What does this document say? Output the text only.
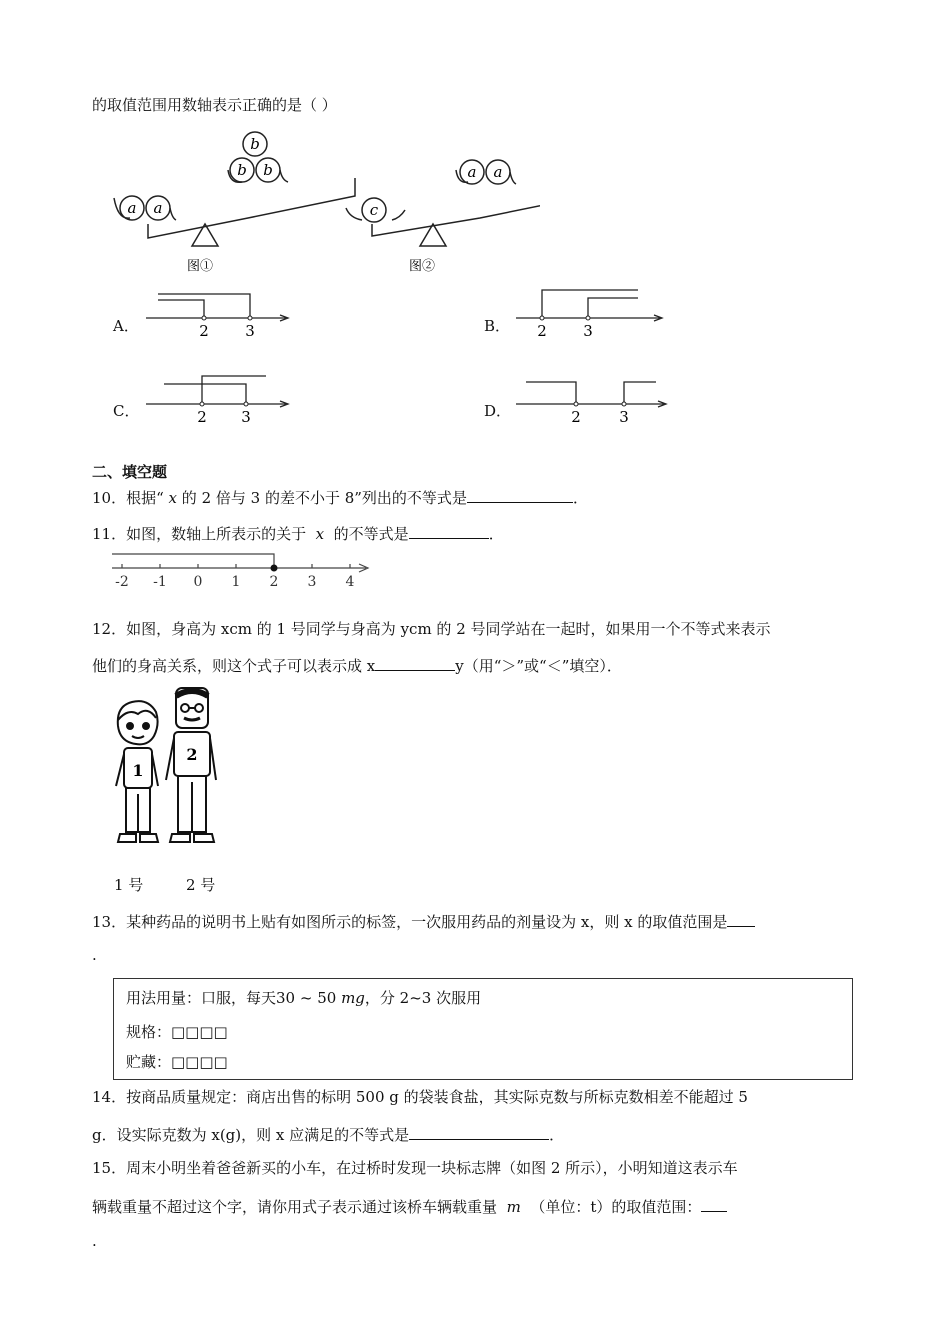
的取值范围用数轴表示正确的是（ ）
a a
b
b b
图①
c
a a
图②
A．	2 3	B． 2 3
C．	2 3	D．	2	3
二、填空题
10．根据“ x 的 2 倍与 3 的差不小于 8”列出的不等式是	．
11．如图，数轴上所表示的关于 x 的不等式是	．
-2 -1 0 1 2 3 4
12．如图，身高为 xcm 的 1 号同学与身高为 ycm 的 2 号同学站在一起时，如果用一个不等式来表示
他们的身高关系，则这个式子可以表示成 x	y（用“＞”或“＜”填空）．
1
2
1 号	2 号
13．某种药品的说明书上贴有如图所示的标签，一次服用药品的剂量设为 x，则 x 的取值范围是
.
用法用量：口服，每天30 ~ 50 mg，分 2~3 次服用
规格：□□□□
贮藏：□□□□
14．按商品质量规定：商店出售的标明 500 g 的袋装食盐，其实际克数与所标克数相差不能超过 5
g．设实际克数为 x(g)，则 x 应满足的不等式是	．
15．周末小明坐着爸爸新买的小车，在过桥时发现一块标志牌（如图 2 所示），小明知道这表示车
辆载重量不超过这个字，请你用式子表示通过该桥车辆载重量 m （单位：t）的取值范围：
.
